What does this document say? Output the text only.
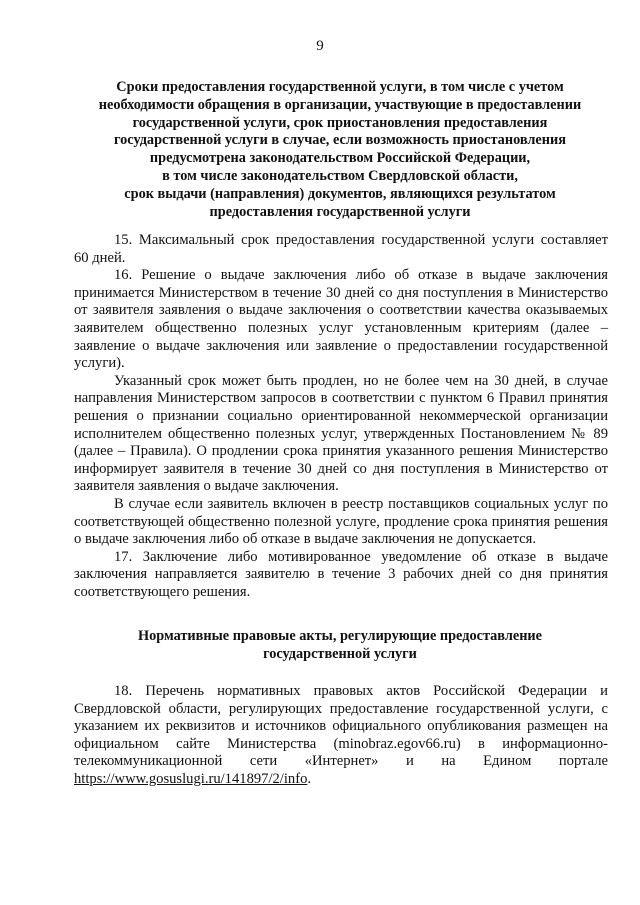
9
Сроки предоставления государственной услуги, в том числе с учетом
необходимости обращения в организации, участвующие в предоставлении
государственной услуги, срок приостановления предоставления
государственной услуги в случае, если возможность приостановления
предусмотрена законодательством Российской Федерации,
в том числе законодательством Свердловской области,
срок выдачи (направления) документов, являющихся результатом
предоставления государственной услуги

15. Максимальный срок предоставления государственной услуги составляет 60 дней.

16. Решение о выдаче заключения либо об отказе в выдаче заключения принимается Министерством в течение 30 дней со дня поступления в Министерство от заявителя заявления о выдаче заключения о соответствии качества оказываемых заявителем общественно полезных услуг установленным критериям (далее – заявление о выдаче заключения или заявление о предоставлении государственной услуги).

Указанный срок может быть продлен, но не более чем на 30 дней, в случае направления Министерством запросов в соответствии с пунктом 6 Правил принятия решения о признании социально ориентированной некоммерческой организации исполнителем общественно полезных услуг, утвержденных Постановлением № 89 (далее – Правила). О продлении срока принятия указанного решения Министерство информирует заявителя в течение 30 дней со дня поступления в Министерство от заявителя заявления о выдаче заключения.

В случае если заявитель включен в реестр поставщиков социальных услуг по соответствующей общественно полезной услуге, продление срока принятия решения о выдаче заключения либо об отказе в выдаче заключения не допускается.

17. Заключение либо мотивированное уведомление об отказе в выдаче заключения направляется заявителю в течение 3 рабочих дней со дня принятия соответствующего решения.

Нормативные правовые акты, регулирующие предоставление
государственной услуги

18. Перечень нормативных правовых актов Российской Федерации и Свердловской области, регулирующих предоставление государственной услуги, с указанием их реквизитов и источников официального опубликования размещен на официальном сайте Министерства (minobraz.egov66.ru) в информационно-телекоммуникационной сети «Интернет» и на Едином портале https://www.gosuslugi.ru/141897/2/info.
